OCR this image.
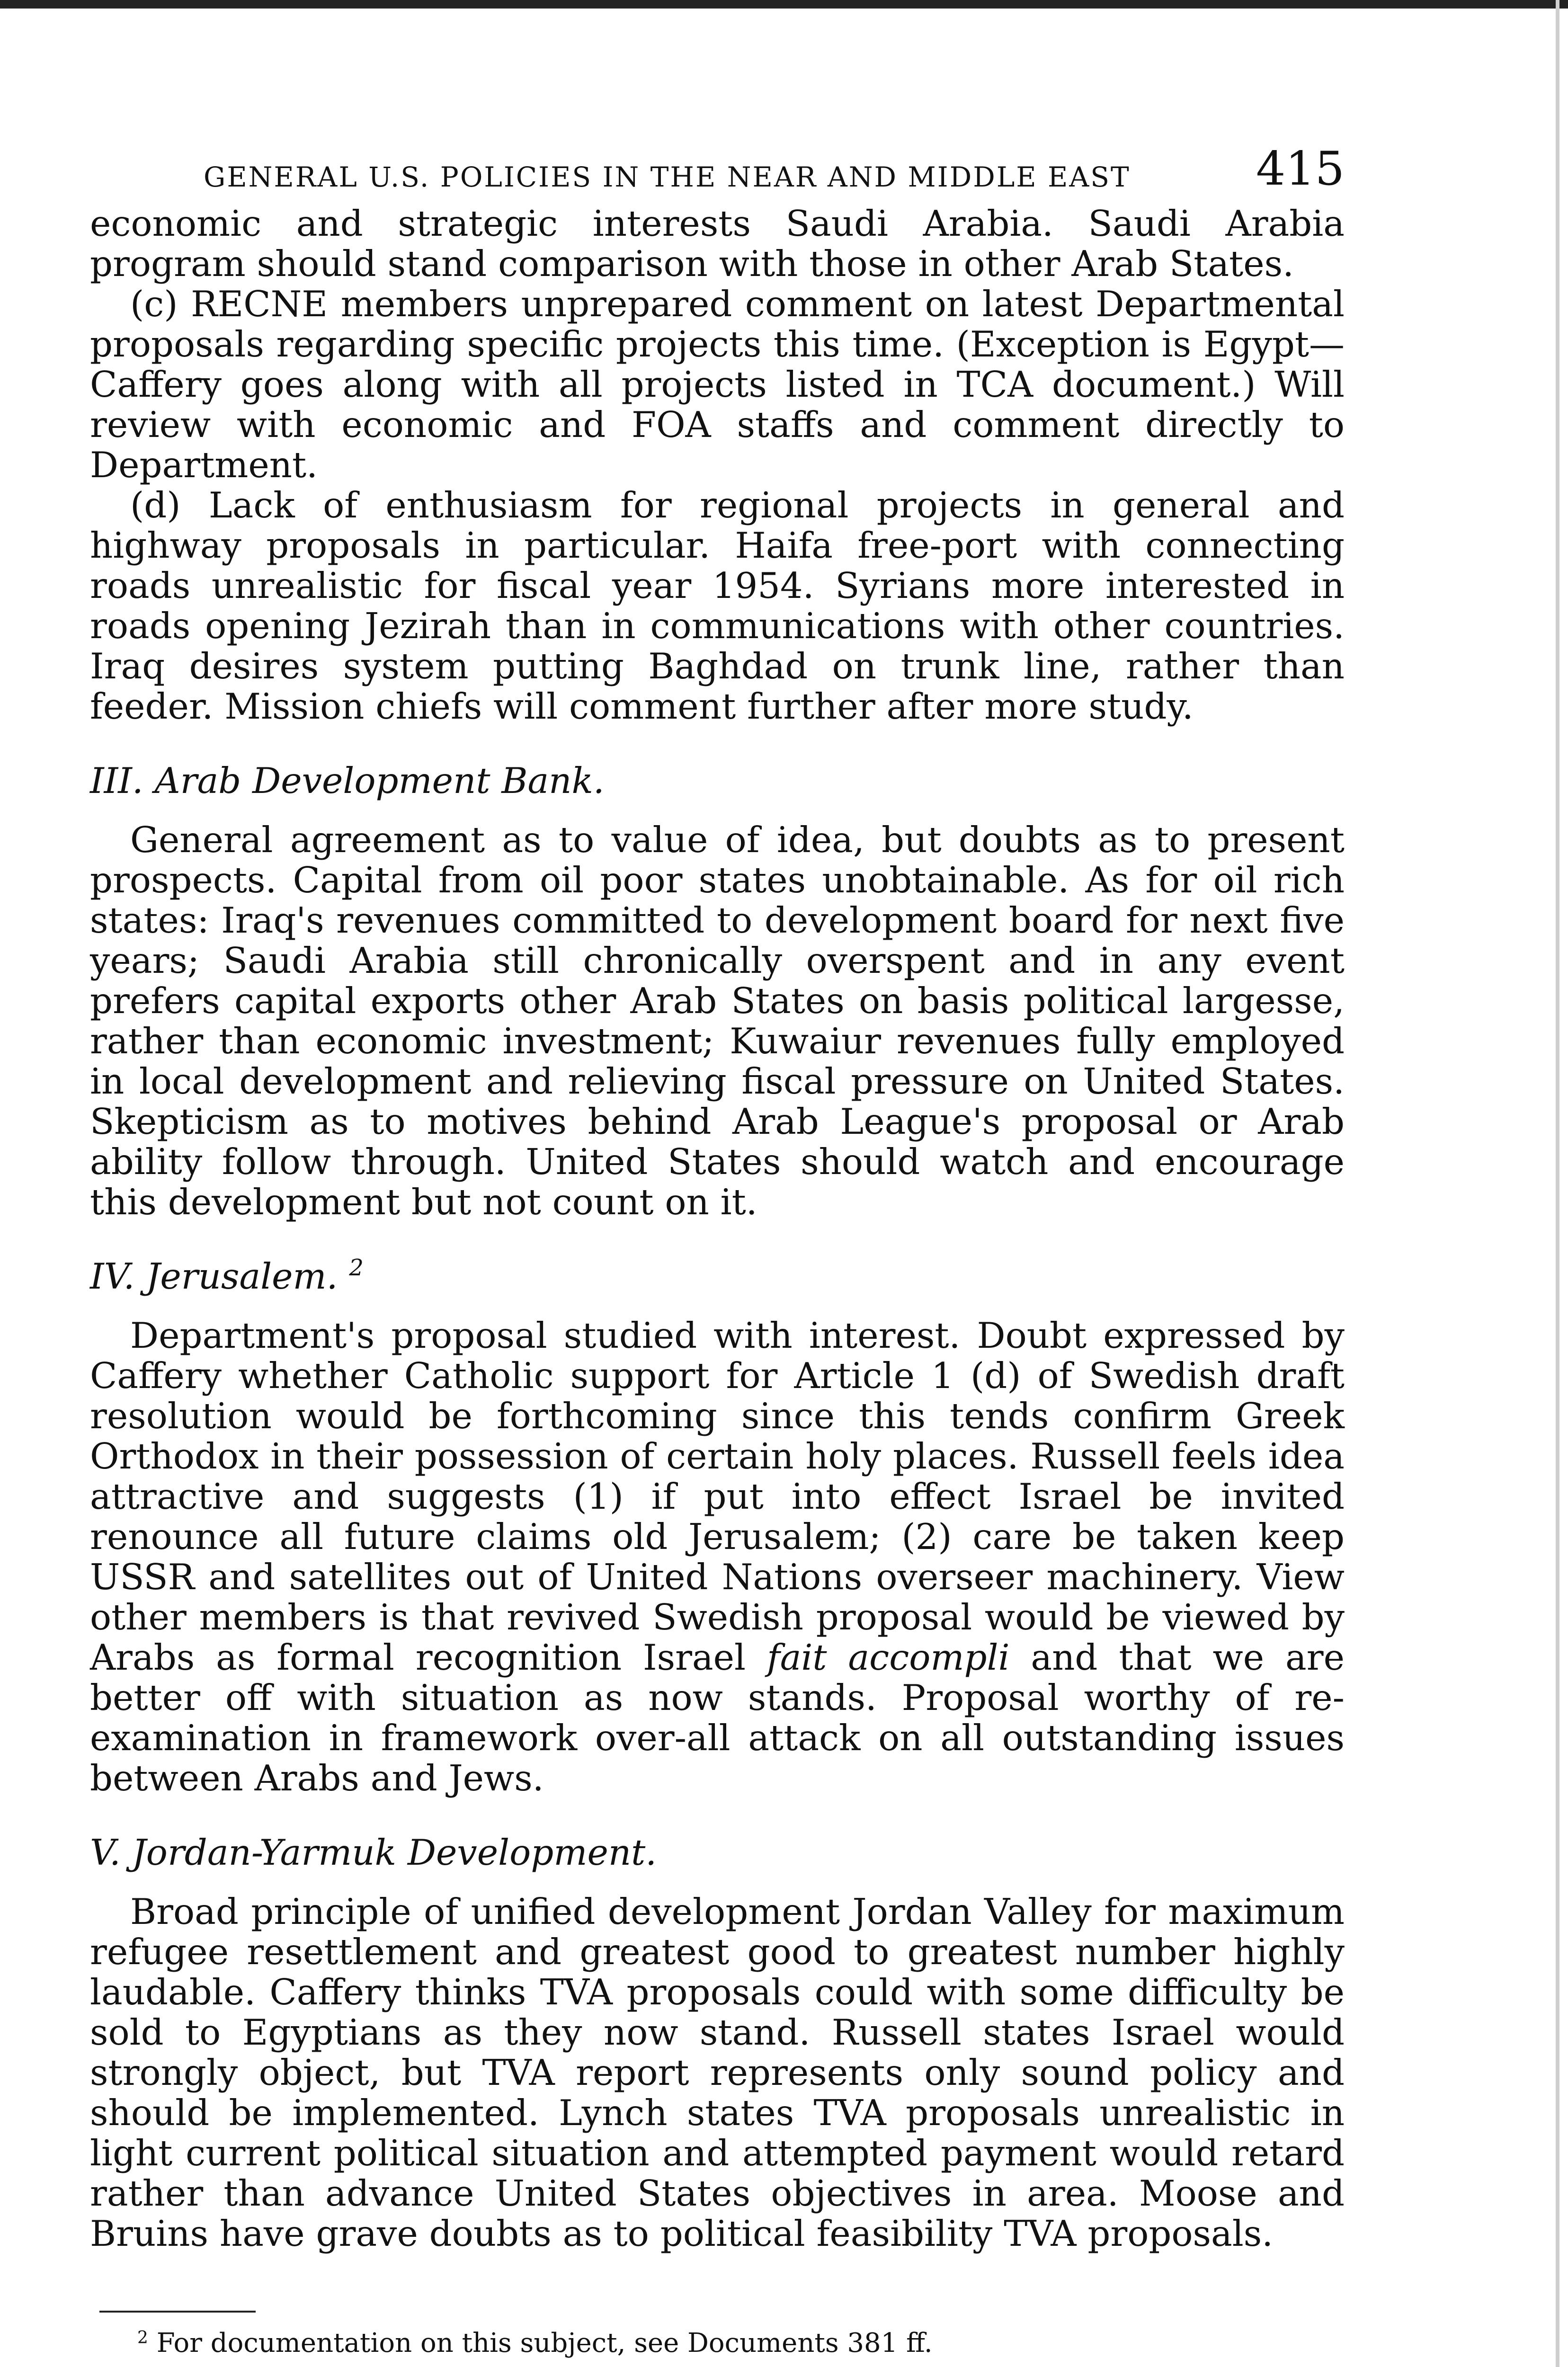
GENERAL U.S. POLICIES IN THE NEAR AND MIDDLE EAST	415

economic and strategic interests Saudi Arabia. Saudi Arabia program should stand comparison with those in other Arab States.

(c) RECNE members unprepared comment on latest Departmental proposals regarding specific projects this time. (Exception is Egypt—Caffery goes along with all projects listed in TCA document.) Will review with economic and FOA staffs and comment directly to Department.

(d) Lack of enthusiasm for regional projects in general and highway proposals in particular. Haifa free-port with connecting roads unrealistic for fiscal year 1954. Syrians more interested in roads opening Jezirah than in communications with other countries. Iraq desires system putting Baghdad on trunk line, rather than feeder. Mission chiefs will comment further after more study.

III. Arab Development Bank.

General agreement as to value of idea, but doubts as to present prospects. Capital from oil poor states unobtainable. As for oil rich states: Iraq's revenues committed to development board for next five years; Saudi Arabia still chronically overspent and in any event prefers capital exports other Arab States on basis political largesse, rather than economic investment; Kuwaiur revenues fully employed in local development and relieving fiscal pressure on United States. Skepticism as to motives behind Arab League's proposal or Arab ability follow through. United States should watch and encourage this development but not count on it.

IV. Jerusalem. $^2$

Department's proposal studied with interest. Doubt expressed by Caffery whether Catholic support for Article 1 (d) of Swedish draft resolution would be forthcoming since this tends confirm Greek Orthodox in their possession of certain holy places. Russell feels idea attractive and suggests (1) if put into effect Israel be invited renounce all future claims old Jerusalem; (2) care be taken keep USSR and satellites out of United Nations overseer machinery. View other members is that revived Swedish proposal would be viewed by Arabs as formal recognition Israel fait accompli and that we are better off with situation as now stands. Proposal worthy of re-examination in framework over-all attack on all outstanding issues between Arabs and Jews.

V. Jordan-Yarmuk Development.

Broad principle of unified development Jordan Valley for maximum refugee resettlement and greatest good to greatest number highly laudable. Caffery thinks TVA proposals could with some difficulty be sold to Egyptians as they now stand. Russell states Israel would strongly object, but TVA report represents only sound policy and should be implemented. Lynch states TVA proposals unrealistic in light current political situation and attempted payment would retard rather than advance United States objectives in area. Moose and Bruins have grave doubts as to political feasibility TVA proposals.

$^2$ For documentation on this subject, see Documents 381 ff.
